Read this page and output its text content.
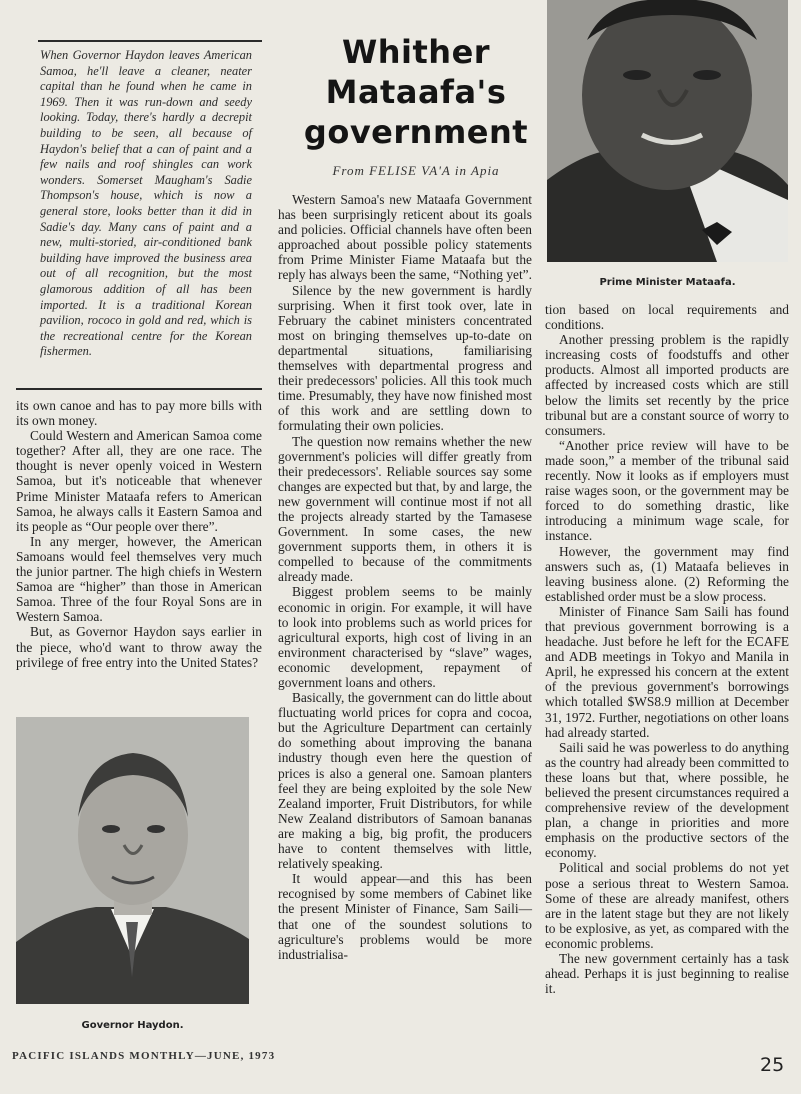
When Governor Haydon leaves American Samoa, he'll leave a cleaner, neater capital than he found when he came in 1969. Then it was run-down and seedy looking. Today, there's hardly a decrepit building to be seen, all because of Haydon's belief that a can of paint and a few nails and roof shingles can work wonders. Somerset Maugham's Sadie Thompson's house, which is now a general store, looks better than it did in Sadie's day. Many cans of paint and a new, multi-storied, air-conditioned bank building have improved the business area out of all recognition, but the most glamorous addition of all has been imported. It is a traditional Korean pavilion, rococo in gold and red, which is the recreational centre for the Korean fishermen.

its own canoe and has to pay more bills with its own money.

Could Western and American Samoa come together? After all, they are one race. The thought is never openly voiced in Western Samoa, but it's noticeable that whenever Prime Minister Mataafa refers to American Samoa, he always calls it Eastern Samoa and its people as “Our people over there”.

In any merger, however, the American Samoans would feel themselves very much the junior partner. The high chiefs in Western Samoa are “higher” than those in American Samoa. Three of the four Royal Sons are in Western Samoa.

But, as Governor Haydon says earlier in the piece, who'd want to throw away the privilege of free entry into the United States?

Governor Haydon.
Whither Mataafa's government
From FELISE VA'A in Apia

Western Samoa's new Mataafa Government has been surprisingly reticent about its goals and policies. Official channels have often been approached about possible policy statements from Prime Minister Fiame Mataafa but the reply has always been the same, “Nothing yet”.

Silence by the new government is hardly surprising. When it first took over, late in February the cabinet ministers concentrated most on bringing themselves up-to-date on departmental situations, familiarising themselves with departmental progress and their predecessors' policies. All this took much time. Presumably, they have now finished most of this work and are settling down to formulating their own policies.

The question now remains whether the new government's policies will differ greatly from their predecessors'. Reliable sources say some changes are expected but that, by and large, the new government will continue most if not all the projects already started by the Tamasese Government. In some cases, the new government supports them, in others it is compelled to because of the commitments already made.

Biggest problem seems to be mainly economic in origin. For example, it will have to look into problems such as world prices for agricultural exports, high cost of living in an environment characterised by “slave” wages, economic development, repayment of government loans and others.

Basically, the government can do little about fluctuating world prices for copra and cocoa, but the Agriculture Department can certainly do something about improving the banana industry though even here the question of prices is also a general one. Samoan planters feel they are being exploited by the sole New Zealand importer, Fruit Distributors, for while New Zealand distributors of Samoan bananas are making a big, big profit, the producers have to content themselves with little, relatively speaking.

It would appear—and this has been recognised by some members of Cabinet like the present Minister of Finance, Sam Saili—that one of the soundest solutions to agriculture's problems would be more industrialisa-

Prime Minister Mataafa.

tion based on local requirements and conditions.

Another pressing problem is the rapidly increasing costs of foodstuffs and other products. Almost all imported products are affected by increased costs which are still below the limits set recently by the price tribunal but are a constant source of worry to consumers.

“Another price review will have to be made soon,” a member of the tribunal said recently. Now it looks as if employers must raise wages soon, or the government may be forced to do something drastic, like introducing a minimum wage scale, for instance.

However, the government may find answers such as, (1) Mataafa believes in leaving business alone. (2) Reforming the established order must be a slow process.

Minister of Finance Sam Saili has found that previous government borrowing is a headache. Just before he left for the ECAFE and ADB meetings in Tokyo and Manila in April, he expressed his concern at the extent of the previous government's borrowings which totalled $WS8.9 million at December 31, 1972. Further, negotiations on other loans had already started.

Saili said he was powerless to do anything as the country had already been committed to these loans but that, where possible, he believed the present circumstances required a comprehensive review of the development plan, a change in priorities and more emphasis on the productive sectors of the economy.

Political and social problems do not yet pose a serious threat to Western Samoa. Some of these are already manifest, others are in the latent stage but they are not likely to be explosive, as yet, as compared with the economic problems.

The new government certainly has a task ahead. Perhaps it is just beginning to realise it.

PACIFIC ISLANDS MONTHLY—JUNE, 1973	25
